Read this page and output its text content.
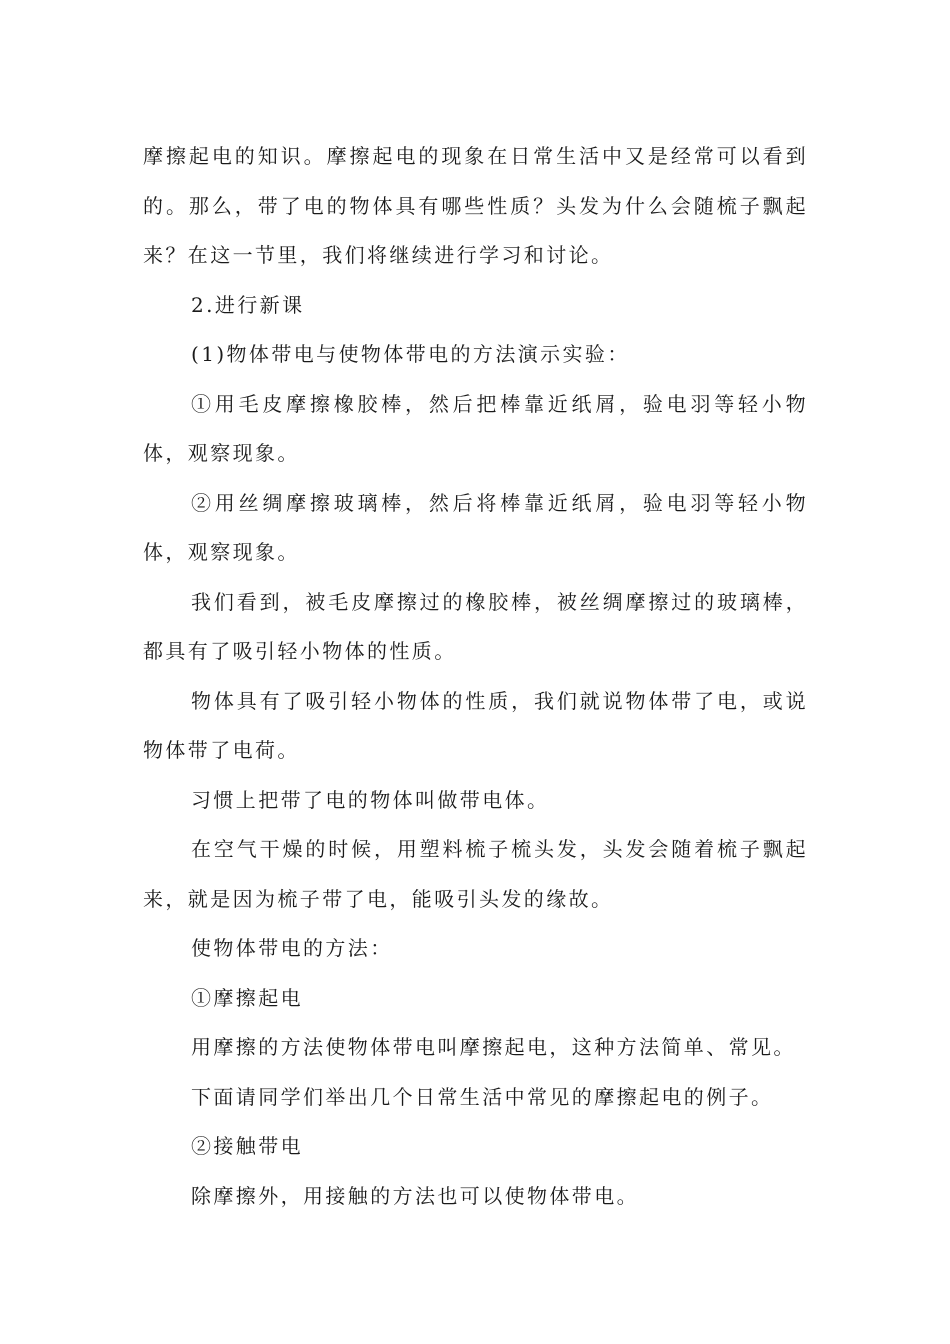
摩擦起电的知识。摩擦起电的现象在日常生活中又是经常可以看到的。那么，带了电的物体具有哪些性质？头发为什么会随梳子飘起来？在这一节里，我们将继续进行学习和讨论。

2.进行新课

(1)物体带电与使物体带电的方法演示实验：

①用毛皮摩擦橡胶棒，然后把棒靠近纸屑，验电羽等轻小物体，观察现象。

②用丝绸摩擦玻璃棒，然后将棒靠近纸屑，验电羽等轻小物体，观察现象。

我们看到，被毛皮摩擦过的橡胶棒，被丝绸摩擦过的玻璃棒，都具有了吸引轻小物体的性质。

物体具有了吸引轻小物体的性质，我们就说物体带了电，或说物体带了电荷。

习惯上把带了电的物体叫做带电体。

在空气干燥的时候，用塑料梳子梳头发，头发会随着梳子飘起来，就是因为梳子带了电，能吸引头发的缘故。

使物体带电的方法：

①摩擦起电

用摩擦的方法使物体带电叫摩擦起电，这种方法简单、常见。

下面请同学们举出几个日常生活中常见的摩擦起电的例子。

②接触带电

除摩擦外，用接触的方法也可以使物体带电。
